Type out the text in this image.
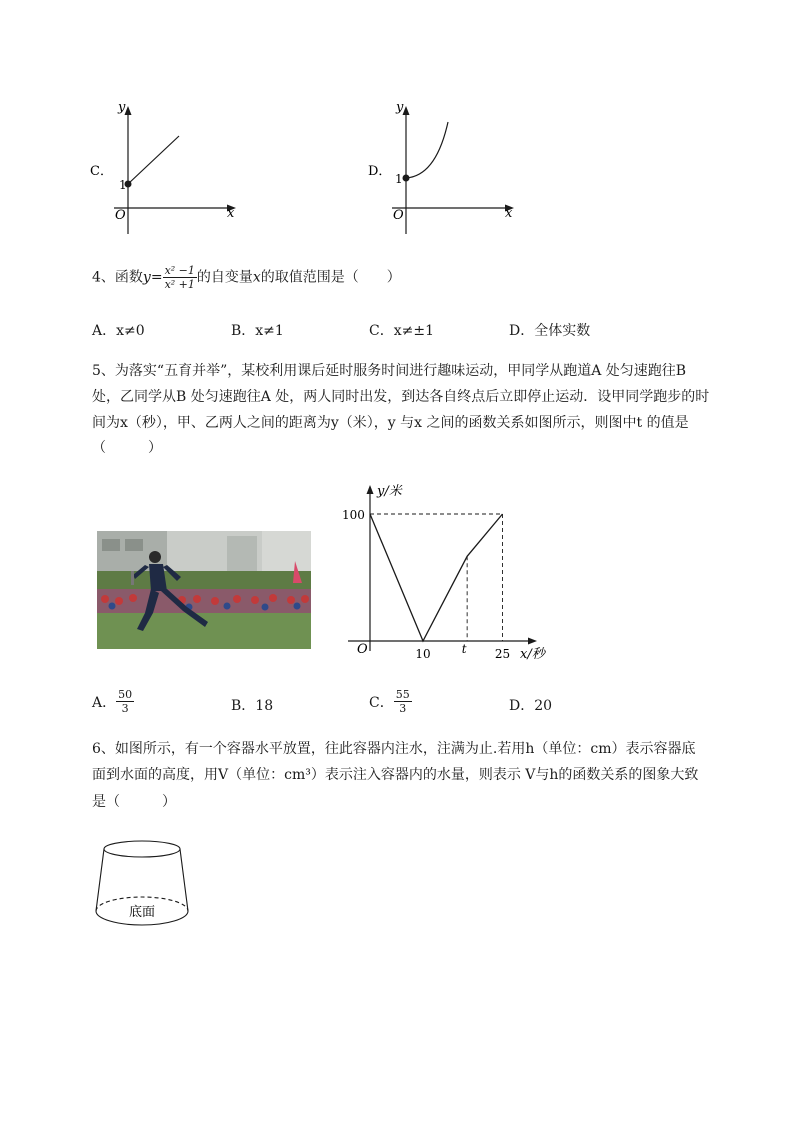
C．
y
x
O
1
D．
y
x
O
1
4、函数$y= \frac{\text{x² −1}}{\text{x² +1}}$ 的自变量x的取值范围是（　　）
A．x≠0	B．x≠1	C．x≠±1	D．全体实数
5、为落实“五育并举”，某校利用课后延时服务时间进行趣味运动，甲同学从跑道A 处匀速跑往B
处，乙同学从B 处匀速跑往A 处，两人同时出发，到达各自终点后立即停止运动．设甲同学跑步的时
间为x（秒），甲、乙两人之间的距离为y（米），y 与x 之间的函数关系如图所示，则图中t 的值是
（　　　）
y/米
100
O	10	t 25 x/秒
A． $\frac{50}{3}$	B．18	C． $\frac{55}{3}$	D．20
6、如图所示，有一个容器水平放置，往此容器内注水，注满为止.若用h（单位：cm）表示容器底
面到水面的高度，用V（单位：cm³）表示注入容器内的水量，则表示 V与h的函数关系的图象大致
是（　　　）
底面
